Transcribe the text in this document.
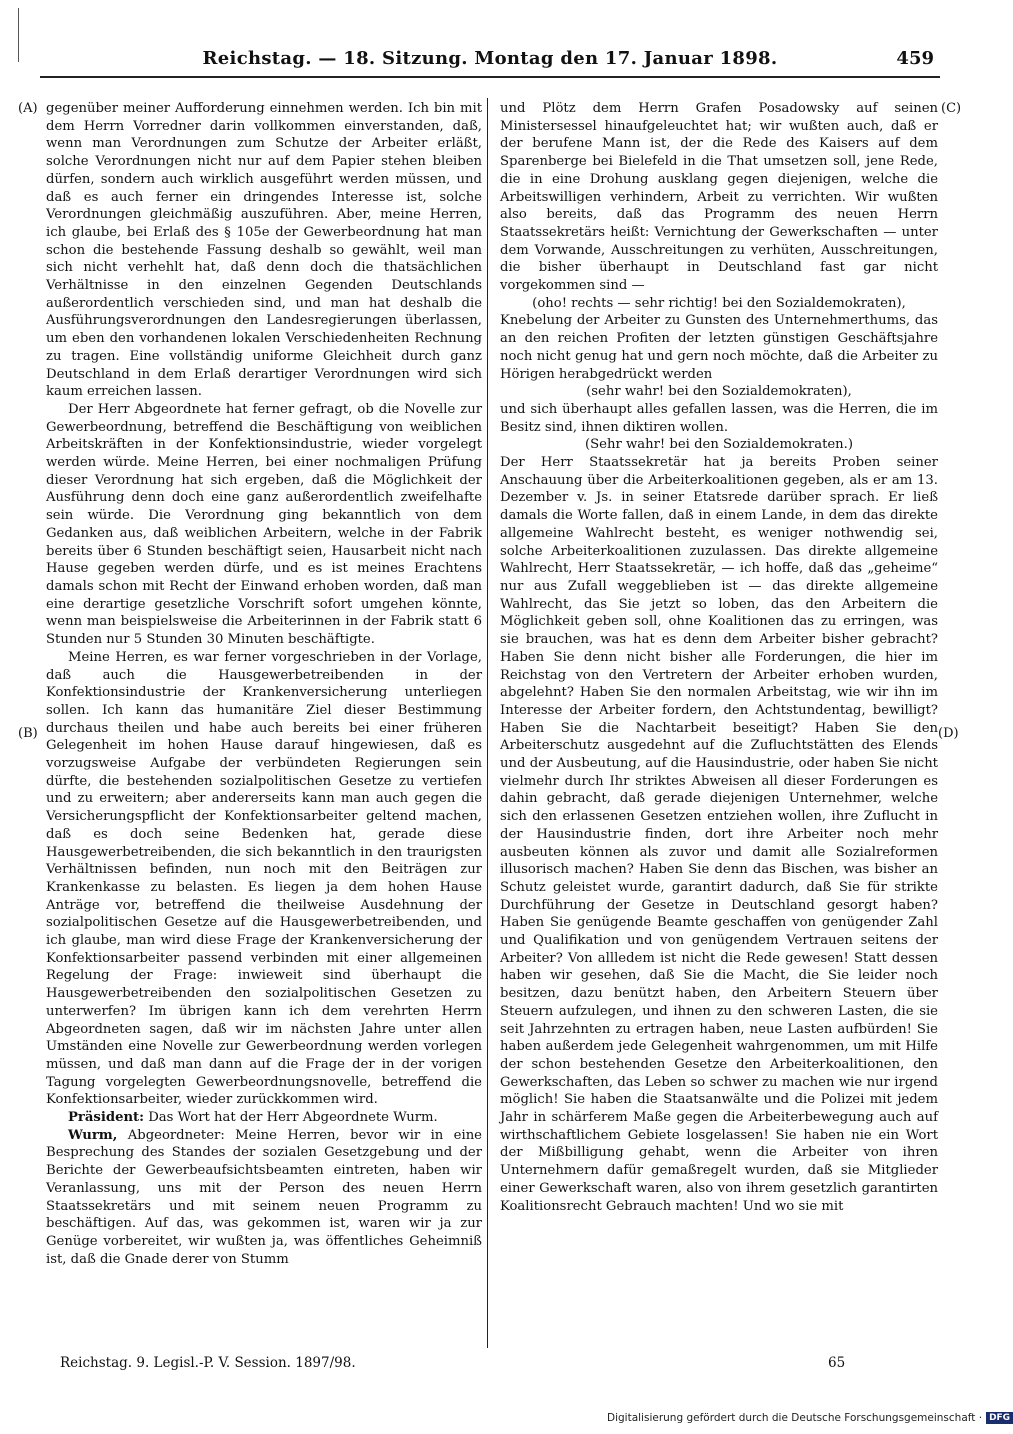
Reichstag. — 18. Sitzung. Montag den 17. Januar 1898.	459
(A)
(B)
(C)
(D)

gegenüber meiner Aufforderung einnehmen werden. Ich bin mit dem Herrn Vorredner darin vollkommen einverstanden, daß, wenn man Verordnungen zum Schutze der Arbeiter erläßt, solche Verordnungen nicht nur auf dem Papier stehen bleiben dürfen, sondern auch wirklich ausgeführt werden müssen, und daß es auch ferner ein dringendes Interesse ist, solche Verordnungen gleichmäßig auszuführen. Aber, meine Herren, ich glaube, bei Erlaß des § 105e der Gewerbeordnung hat man schon die bestehende Fassung deshalb so gewählt, weil man sich nicht verhehlt hat, daß denn doch die thatsächlichen Verhältnisse in den einzelnen Gegenden Deutschlands außerordentlich verschieden sind, und man hat deshalb die Ausführungsverordnungen den Landesregierungen überlassen, um eben den vorhandenen lokalen Verschiedenheiten Rechnung zu tragen. Eine vollständig uniforme Gleichheit durch ganz Deutschland in dem Erlaß derartiger Verordnungen wird sich kaum erreichen lassen.

Der Herr Abgeordnete hat ferner gefragt, ob die Novelle zur Gewerbeordnung, betreffend die Beschäftigung von weiblichen Arbeitskräften in der Konfektionsindustrie, wieder vorgelegt werden würde. Meine Herren, bei einer nochmaligen Prüfung dieser Verordnung hat sich ergeben, daß die Möglichkeit der Ausführung denn doch eine ganz außerordentlich zweifelhafte sein würde. Die Verordnung ging bekanntlich von dem Gedanken aus, daß weiblichen Arbeitern, welche in der Fabrik bereits über 6 Stunden beschäftigt seien, Hausarbeit nicht nach Hause gegeben werden dürfe, und es ist meines Erachtens damals schon mit Recht der Einwand erhoben worden, daß man eine derartige gesetzliche Vorschrift sofort umgehen könnte, wenn man beispielsweise die Arbeiterinnen in der Fabrik statt 6 Stunden nur 5 Stunden 30 Minuten beschäftigte.

Meine Herren, es war ferner vorgeschrieben in der Vorlage, daß auch die Hausgewerbetreibenden in der Konfektionsindustrie der Krankenversicherung unterliegen sollen. Ich kann das humanitäre Ziel dieser Bestimmung durchaus theilen und habe auch bereits bei einer früheren Gelegenheit im hohen Hause darauf hingewiesen, daß es vorzugsweise Aufgabe der verbündeten Regierungen sein dürfte, die bestehenden sozialpolitischen Gesetze zu vertiefen und zu erweitern; aber andererseits kann man auch gegen die Versicherungspflicht der Konfektionsarbeiter geltend machen, daß es doch seine Bedenken hat, gerade diese Hausgewerbetreibenden, die sich bekanntlich in den traurigsten Verhältnissen befinden, nun noch mit den Beiträgen zur Krankenkasse zu belasten. Es liegen ja dem hohen Hause Anträge vor, betreffend die theilweise Ausdehnung der sozialpolitischen Gesetze auf die Hausgewerbetreibenden, und ich glaube, man wird diese Frage der Krankenversicherung der Konfektionsarbeiter passend verbinden mit einer allgemeinen Regelung der Frage: inwieweit sind überhaupt die Hausgewerbetreibenden den sozialpolitischen Gesetzen zu unterwerfen? Im übrigen kann ich dem verehrten Herrn Abgeordneten sagen, daß wir im nächsten Jahre unter allen Umständen eine Novelle zur Gewerbeordnung werden vorlegen müssen, und daß man dann auf die Frage der in der vorigen Tagung vorgelegten Gewerbeordnungsnovelle, betreffend die Konfektionsarbeiter, wieder zurückkommen wird.

Präsident: Das Wort hat der Herr Abgeordnete Wurm.

Wurm, Abgeordneter: Meine Herren, bevor wir in eine Besprechung des Standes der sozialen Gesetzgebung und der Berichte der Gewerbeaufsichtsbeamten eintreten, haben wir Veranlassung, uns mit der Person des neuen Herrn Staatssekretärs und mit seinem neuen Programm zu beschäftigen. Auf das, was gekommen ist, waren wir ja zur Genüge vorbereitet, wir wußten ja, was öffentliches Geheimniß ist, daß die Gnade derer von Stumm

und Plötz dem Herrn Grafen Posadowsky auf seinen Ministersessel hinaufgeleuchtet hat; wir wußten auch, daß er der berufene Mann ist, der die Rede des Kaisers auf dem Sparenberge bei Bielefeld in die That umsetzen soll, jene Rede, die in eine Drohung ausklang gegen diejenigen, welche die Arbeitswilligen verhindern, Arbeit zu verrichten. Wir wußten also bereits, daß das Programm des neuen Herrn Staatssekretärs heißt: Vernichtung der Gewerkschaften — unter dem Vorwande, Ausschreitungen zu verhüten, Ausschreitungen, die bisher überhaupt in Deutschland fast gar nicht vorgekommen sind —

(oho! rechts — sehr richtig! bei den Sozialdemokraten),

Knebelung der Arbeiter zu Gunsten des Unternehmerthums, das an den reichen Profiten der letzten günstigen Geschäftsjahre noch nicht genug hat und gern noch möchte, daß die Arbeiter zu Hörigen herabgedrückt werden

(sehr wahr! bei den Sozialdemokraten),

und sich überhaupt alles gefallen lassen, was die Herren, die im Besitz sind, ihnen diktiren wollen.

(Sehr wahr! bei den Sozialdemokraten.)

Der Herr Staatssekretär hat ja bereits Proben seiner Anschauung über die Arbeiterkoalitionen gegeben, als er am 13. Dezember v. Js. in seiner Etatsrede darüber sprach. Er ließ damals die Worte fallen, daß in einem Lande, in dem das direkte allgemeine Wahlrecht besteht, es weniger nothwendig sei, solche Arbeiterkoalitionen zuzulassen. Das direkte allgemeine Wahlrecht, Herr Staatssekretär, — ich hoffe, daß das „geheime“ nur aus Zufall weggeblieben ist — das direkte allgemeine Wahlrecht, das Sie jetzt so loben, das den Arbeitern die Möglichkeit geben soll, ohne Koalitionen das zu erringen, was sie brauchen, was hat es denn dem Arbeiter bisher gebracht? Haben Sie denn nicht bisher alle Forderungen, die hier im Reichstag von den Vertretern der Arbeiter erhoben wurden, abgelehnt? Haben Sie den normalen Arbeitstag, wie wir ihn im Interesse der Arbeiter fordern, den Achtstundentag, bewilligt? Haben Sie die Nachtarbeit beseitigt? Haben Sie den Arbeiterschutz ausgedehnt auf die Zufluchtstätten des Elends und der Ausbeutung, auf die Hausindustrie, oder haben Sie nicht vielmehr durch Ihr striktes Abweisen all dieser Forderungen es dahin gebracht, daß gerade diejenigen Unternehmer, welche sich den erlassenen Gesetzen entziehen wollen, ihre Zuflucht in der Hausindustrie finden, dort ihre Arbeiter noch mehr ausbeuten können als zuvor und damit alle Sozialreformen illusorisch machen? Haben Sie denn das Bischen, was bisher an Schutz geleistet wurde, garantirt dadurch, daß Sie für strikte Durchführung der Gesetze in Deutschland gesorgt haben? Haben Sie genügende Beamte geschaffen von genügender Zahl und Qualifikation und von genügendem Vertrauen seitens der Arbeiter? Von allledem ist nicht die Rede gewesen! Statt dessen haben wir gesehen, daß Sie die Macht, die Sie leider noch besitzen, dazu benützt haben, den Arbeitern Steuern über Steuern aufzulegen, und ihnen zu den schweren Lasten, die sie seit Jahrzehnten zu ertragen haben, neue Lasten aufbürden! Sie haben außerdem jede Gelegenheit wahrgenommen, um mit Hilfe der schon bestehenden Gesetze den Arbeiterkoalitionen, den Gewerkschaften, das Leben so schwer zu machen wie nur irgend möglich! Sie haben die Staatsanwälte und die Polizei mit jedem Jahr in schärferem Maße gegen die Arbeiterbewegung auch auf wirthschaftlichem Gebiete losgelassen! Sie haben nie ein Wort der Mißbilligung gehabt, wenn die Arbeiter von ihren Unternehmern dafür gemaßregelt wurden, daß sie Mitglieder einer Gewerkschaft waren, also von ihrem gesetzlich garantirten Koalitionsrecht Gebrauch machten! Und wo sie mit

Reichstag. 9. Legisl.-P. V. Session. 1897/98.	65
Digitalisierung gefördert durch die Deutsche Forschungsgemeinschaft · DFG
